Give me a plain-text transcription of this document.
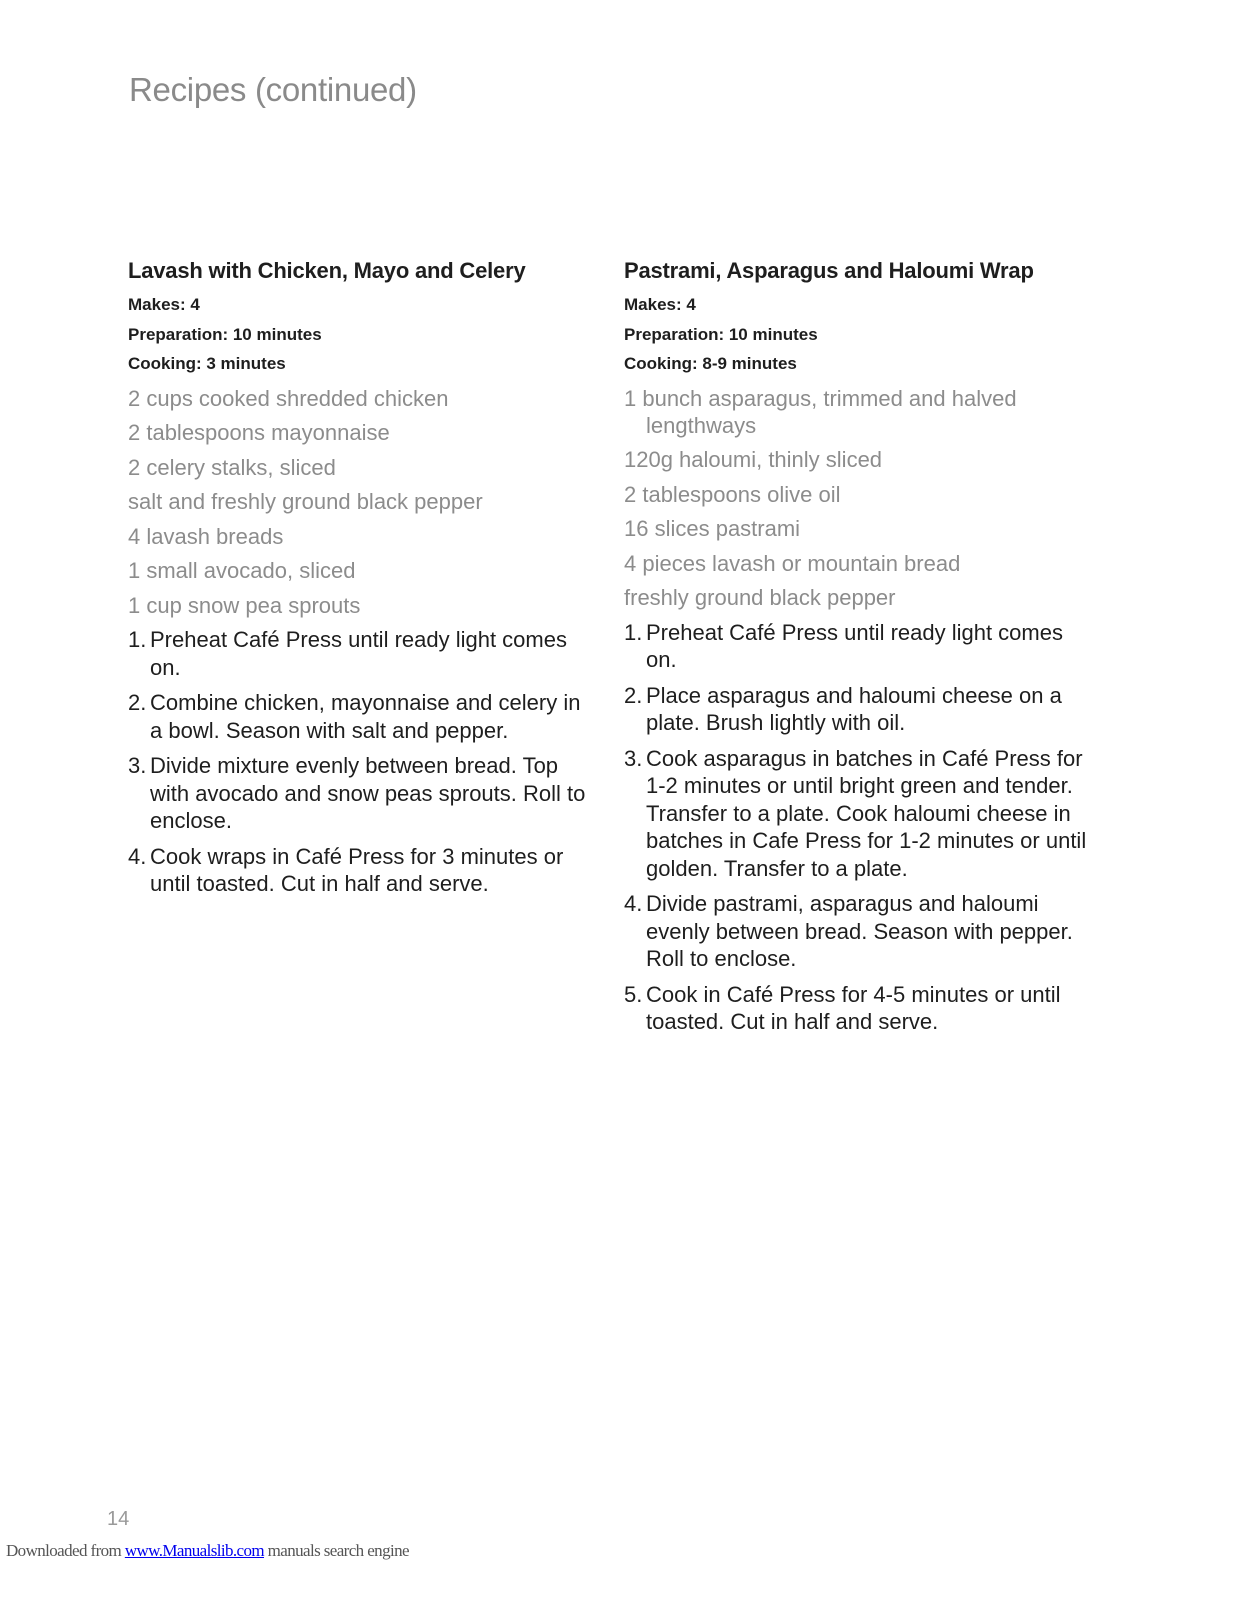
Recipes (continued)
Lavash with Chicken, Mayo and Celery
Makes: 4
Preparation: 10 minutes
Cooking: 3 minutes
2 cups cooked shredded chicken
2 tablespoons mayonnaise
2 celery stalks, sliced
salt and freshly ground black pepper
4 lavash breads
1 small avocado, sliced
1 cup snow pea sprouts
1. Preheat Café Press until ready light comes on.
2. Combine chicken, mayonnaise and celery in a bowl. Season with salt and pepper.
3. Divide mixture evenly between bread. Top with avocado and snow peas sprouts. Roll to enclose.
4. Cook wraps in Café Press for 3 minutes or until toasted. Cut in half and serve.
Pastrami, Asparagus and Haloumi Wrap
Makes: 4
Preparation: 10 minutes
Cooking: 8-9 minutes
1 bunch asparagus, trimmed and halved lengthways
120g haloumi, thinly sliced
2 tablespoons olive oil
16 slices pastrami
4 pieces lavash or mountain bread
freshly ground black pepper
1. Preheat Café Press until ready light comes on.
2. Place asparagus and haloumi cheese on a plate. Brush lightly with oil.
3. Cook asparagus in batches in Café Press for 1-2 minutes or until bright green and tender. Transfer to a plate. Cook haloumi cheese in batches in Cafe Press for 1-2 minutes or until golden. Transfer to a plate.
4. Divide pastrami, asparagus and haloumi evenly between bread. Season with pepper. Roll to enclose.
5. Cook in Café Press for 4-5 minutes or until toasted. Cut in half and serve.
14
Downloaded from www.Manualslib.com manuals search engine
